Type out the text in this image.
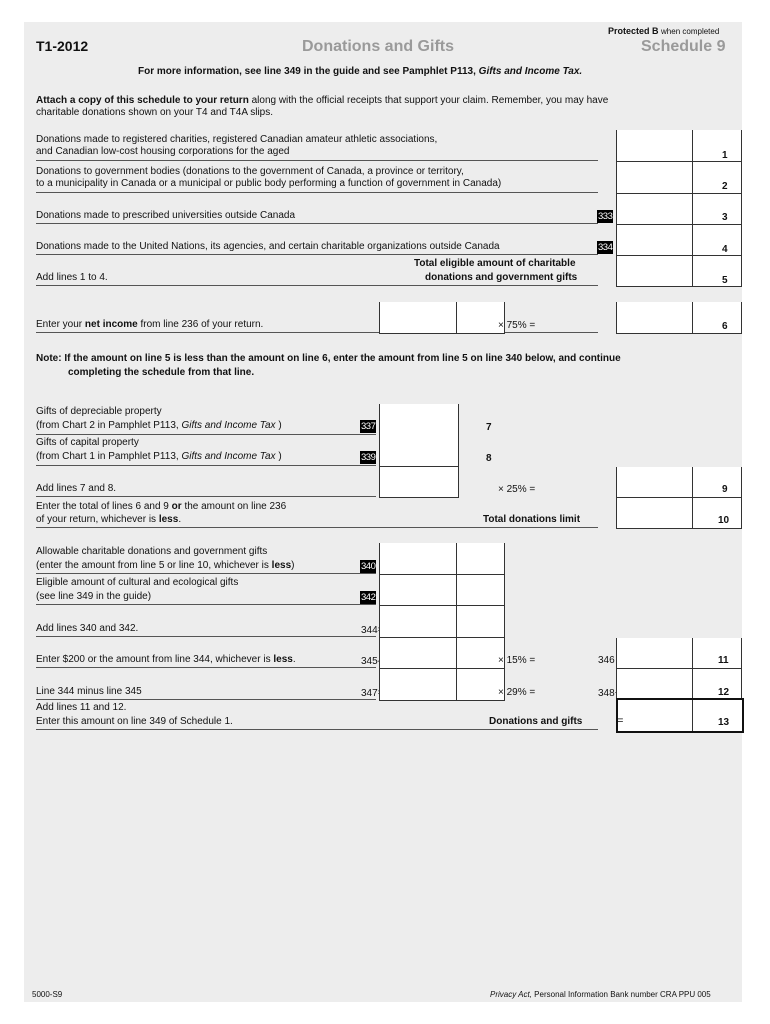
Protected B when completed
T1-2012	Donations and Gifts	Schedule 9
For more information, see line 349 in the guide and see Pamphlet P113, Gifts and Income Tax.
Attach a copy of this schedule to your return along with the official receipts that support your claim. Remember, you may have
charitable donations shown on your T4 and T4A slips.
Donations made to registered charities, registered Canadian amateur athletic associations,
and Canadian low-cost housing corporations for the aged	1
Donations to government bodies (donations to the government of Canada, a province or territory,
to a municipality in Canada or a municipal or public body performing a function of government in Canada)	2
Donations made to prescribed universities outside Canada	333	3
Donations made to the United Nations, its agencies, and certain charitable organizations outside Canada	334	4
Total eligible amount of charitable
Add lines 1 to 4.	donations and government gifts	5
Enter your net income from line 236 of your return.	× 75% =	6
Note: If the amount on line 5 is less than the amount on line 6, enter the amount from line 5 on line 340 below, and continue
completing the schedule from that line.
Gifts of depreciable property
(from Chart 2 in Pamphlet P113, Gifts and Income Tax )	337	7
Gifts of capital property
(from Chart 1 in Pamphlet P113, Gifts and Income Tax )	339	8
Add lines 7 and 8.	× 25% =	9
Enter the total of lines 6 and 9 or the amount on line 236
of your return, whichever is less.	Total donations limit	10
Allowable charitable donations and government gifts
(enter the amount from line 5 or line 10, whichever is less)	340
Eligible amount of cultural and ecological gifts
(see line 349 in the guide)	342
Add lines 340 and 342.	344
Enter $200 or the amount from line 344, whichever is less.	345	× 15% =	346	11
Line 344 minus line 345	347	× 29% =	348	12
Add lines 11 and 12.
Enter this amount on line 349 of Schedule 1.	Donations and gifts	=	13
5000-S9	Privacy Act, Personal Information Bank number CRA PPU 005
